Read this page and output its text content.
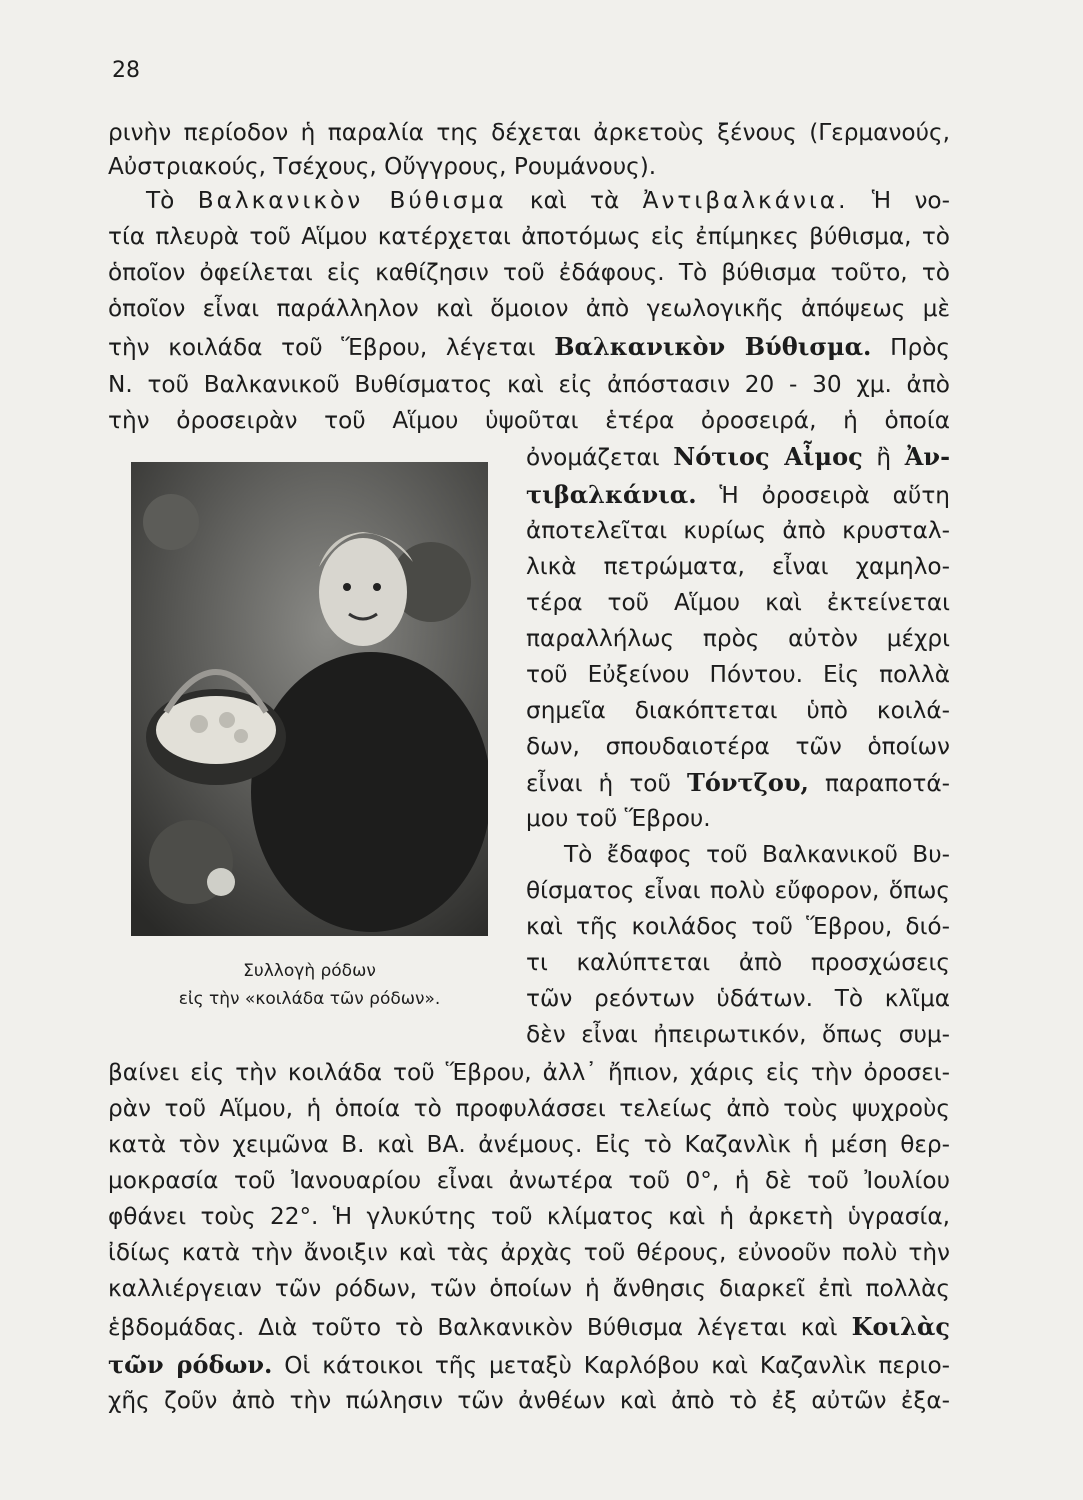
28
ρινὴν περίοδον ἡ παραλία της δέχεται ἀρκετοὺς ξένους (Γερμανούς,
Αὐστριακούς, Τσέχους, Οὔγγρους, Ρουμάνους).
Τὸ Βαλκανικὸν Βύθισμα καὶ τὰ Ἀντιβαλκάνια. Ἡ νο-
τία πλευρὰ τοῦ Αἵμου κατέρχεται ἀποτόμως εἰς ἐπίμηκες βύθισμα, τὸ
ὁποῖον ὀφείλεται εἰς καθίζησιν τοῦ ἐδάφους. Τὸ βύθισμα τοῦτο, τὸ
ὁποῖον εἶναι παράλληλον καὶ ὅμοιον ἀπὸ γεωλογικῆς ἀπόψεως μὲ
τὴν κοιλάδα τοῦ Ἕβρου, λέγεται Βαλκανικὸν Βύθισμα. Πρὸς
Ν. τοῦ Βαλκανικοῦ Βυθίσματος καὶ εἰς ἀπόστασιν 20 - 30 χμ. ἀπὸ
τὴν ὀροσειρὰν τοῦ Αἵμου ὑψοῦται ἑτέρα ὀροσειρά, ἡ ὁποία
ὀνομάζεται Νότιος Αἶμος ἢ Ἀν-
τιβαλκάνια. Ἡ ὀροσειρὰ αὕτη
ἀποτελεῖται κυρίως ἀπὸ κρυσταλ-
λικὰ πετρώματα, εἶναι χαμηλο-
τέρα τοῦ Αἵμου καὶ ἐκτείνεται
παραλλήλως πρὸς αὐτὸν μέχρι
τοῦ Εὐξείνου Πόντου. Εἰς πολλὰ
σημεῖα διακόπτεται ὑπὸ κοιλά-
δων, σπουδαιοτέρα τῶν ὁποίων
εἶναι ἡ τοῦ Τόντζου, παραποτά-
μου τοῦ Ἕβρου.
Τὸ ἔδαφος τοῦ Βαλκανικοῦ Βυ-
θίσματος εἶναι πολὺ εὔφορον, ὅπως
καὶ τῆς κοιλάδος τοῦ Ἕβρου, διό-
τι καλύπτεται ἀπὸ προσχώσεις
τῶν ρεόντων ὑδάτων. Τὸ κλῖμα
δὲν εἶναι ἠπειρωτικόν, ὅπως συμ-
βαίνει εἰς τὴν κοιλάδα τοῦ Ἕβρου, ἀλλ᾽ ἤπιον, χάρις εἰς τὴν ὀροσει-
ρὰν τοῦ Αἵμου, ἡ ὁποία τὸ προφυλάσσει τελείως ἀπὸ τοὺς ψυχροὺς
κατὰ τὸν χειμῶνα Β. καὶ ΒΑ. ἀνέμους. Εἰς τὸ Καζανλὶκ ἡ μέση θερ-
μοκρασία τοῦ Ἰανουαρίου εἶναι ἀνωτέρα τοῦ 0°, ἡ δὲ τοῦ Ἰουλίου
φθάνει τοὺς 22°. Ἡ γλυκύτης τοῦ κλίματος καὶ ἡ ἀρκετὴ ὑγρασία,
ἰδίως κατὰ τὴν ἄνοιξιν καὶ τὰς ἀρχὰς τοῦ θέρους, εὐνοοῦν πολὺ τὴν
καλλιέργειαν τῶν ρόδων, τῶν ὁποίων ἡ ἄνθησις διαρκεῖ ἐπὶ πολλὰς
ἑβδομάδας. Διὰ τοῦτο τὸ Βαλκανικὸν Βύθισμα λέγεται καὶ Κοιλὰς
τῶν ρόδων. Οἱ κάτοικοι τῆς μεταξὺ Καρλόβου καὶ Καζανλὶκ περιο-
χῆς ζοῦν ἀπὸ τὴν πώλησιν τῶν ἀνθέων καὶ ἀπὸ τὸ ἐξ αὐτῶν ἐξα-
Συλλογὴ ρόδων
εἰς τὴν «κοιλάδα τῶν ρόδων».
